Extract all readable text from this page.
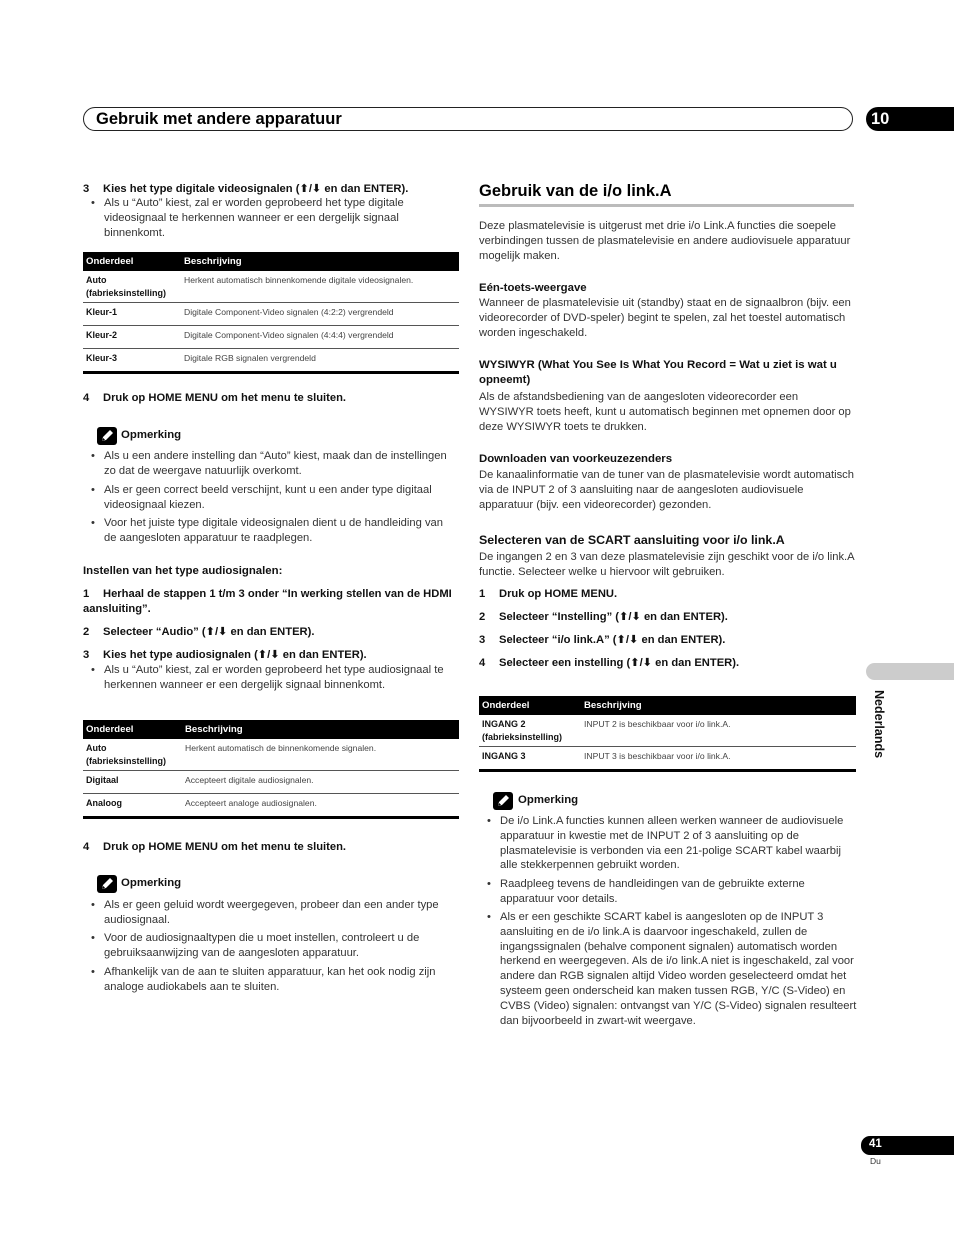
Gebruik met andere apparatuur	10
3 Kies het type digitale videosignalen (⬆/⬇ en dan ENTER).
• Als u “Auto” kiest, zal er worden geprobeerd het type digitale videosignaal te herkennen wanneer er een dergelijk signaal binnenkomt.
Onderdeel	Beschrijving
Auto
(fabrieksinstelling)	Herkent automatisch binnenkomende digitale videosignalen.
Kleur-1	Digitale Component-Video signalen (4:2:2) vergrendeld
Kleur-2	Digitale Component-Video signalen (4:4:4) vergrendeld
Kleur-3	Digitale RGB signalen vergrendeld
4 Druk op HOME MENU om het menu te sluiten.
Opmerking
• Als u een andere instelling dan “Auto” kiest, maak dan de instellingen zo dat de weergave natuurlijk overkomt.
• Als er geen correct beeld verschijnt, kunt u een ander type digitaal videosignaal kiezen.
• Voor het juiste type digitale videosignalen dient u de handleiding van de aangesloten apparatuur te raadplegen.
Instellen van het type audiosignalen:
1 Herhaal de stappen 1 t/m 3 onder “In werking stellen van de HDMI aansluiting”.
2 Selecteer “Audio” (⬆/⬇ en dan ENTER).
3 Kies het type audiosignalen (⬆/⬇ en dan ENTER).
• Als u “Auto” kiest, zal er worden geprobeerd het type audiosignaal te herkennen wanneer er een dergelijk signaal binnenkomt.
Onderdeel	Beschrijving
Auto
(fabrieksinstelling)	Herkent automatisch de binnenkomende signalen.
Digitaal	Accepteert digitale audiosignalen.
Analoog	Accepteert analoge audiosignalen.
4 Druk op HOME MENU om het menu te sluiten.
Opmerking
• Als er geen geluid wordt weergegeven, probeer dan een ander type audiosignaal.
• Voor de audiosignaaltypen die u moet instellen, controleert u de gebruiksaanwijzing van de aangesloten apparatuur.
• Afhankelijk van de aan te sluiten apparatuur, kan het ook nodig zijn analoge audiokabels aan te sluiten.
Gebruik van de i/o link.A
Deze plasmatelevisie is uitgerust met drie i/o Link.A functies die soepele verbindingen tussen de plasmatelevisie en andere audiovisuele apparatuur mogelijk maken.
Eén-toets-weergave
Wanneer de plasmatelevisie uit (standby) staat en de signaalbron (bijv. een videorecorder of DVD-speler) begint te spelen, zal het toestel automatisch worden ingeschakeld.
WYSIWYR (What You See Is What You Record = Wat u ziet is wat u opneemt)
Als de afstandsbediening van de aangesloten videorecorder een WYSIWYR toets heeft, kunt u automatisch beginnen met opnemen door op deze WYSIWYR toets te drukken.
Downloaden van voorkeuzezenders
De kanaalinformatie van de tuner van de plasmatelevisie wordt automatisch via de INPUT 2 of 3 aansluiting naar de aangesloten audiovisuele apparatuur (bijv. een videorecorder) gezonden.
Selecteren van de SCART aansluiting voor i/o link.A
De ingangen 2 en 3 van deze plasmatelevisie zijn geschikt voor de i/o link.A functie. Selecteer welke u hiervoor wilt gebruiken.
1 Druk op HOME MENU.
2 Selecteer “Instelling” (⬆/⬇ en dan ENTER).
3 Selecteer “i/o link.A” (⬆/⬇ en dan ENTER).
4 Selecteer een instelling (⬆/⬇ en dan ENTER).
Onderdeel	Beschrijving
INGANG 2
(fabrieksinstelling)	INPUT 2 is beschikbaar voor i/o link.A.
INGANG 3	INPUT 3 is beschikbaar voor i/o link.A.
Opmerking
• De i/o Link.A functies kunnen alleen werken wanneer de audiovisuele apparatuur in kwestie met de INPUT 2 of 3 aansluiting op de plasmatelevisie is verbonden via een 21-polige SCART kabel waarbij alle stekkerpennen gebruikt worden.
• Raadpleeg tevens de handleidingen van de gebruikte externe apparatuur voor details.
• Als er een geschikte SCART kabel is aangesloten op de INPUT 3 aansluiting en de i/o link.A is daarvoor ingeschakeld, zullen de ingangssignalen (behalve component signalen) automatisch worden herkend en weergegeven. Als de i/o link.A niet is ingeschakeld, zal voor andere dan RGB signalen altijd Video worden geselecteerd omdat het systeem geen onderscheid kan maken tussen RGB, Y/C (S-Video) en CVBS (Video) signalen: ontvangst van Y/C (S-Video) signalen resulteert dan bijvoorbeeld in zwart-wit weergave.
Nederlands
41
Du
